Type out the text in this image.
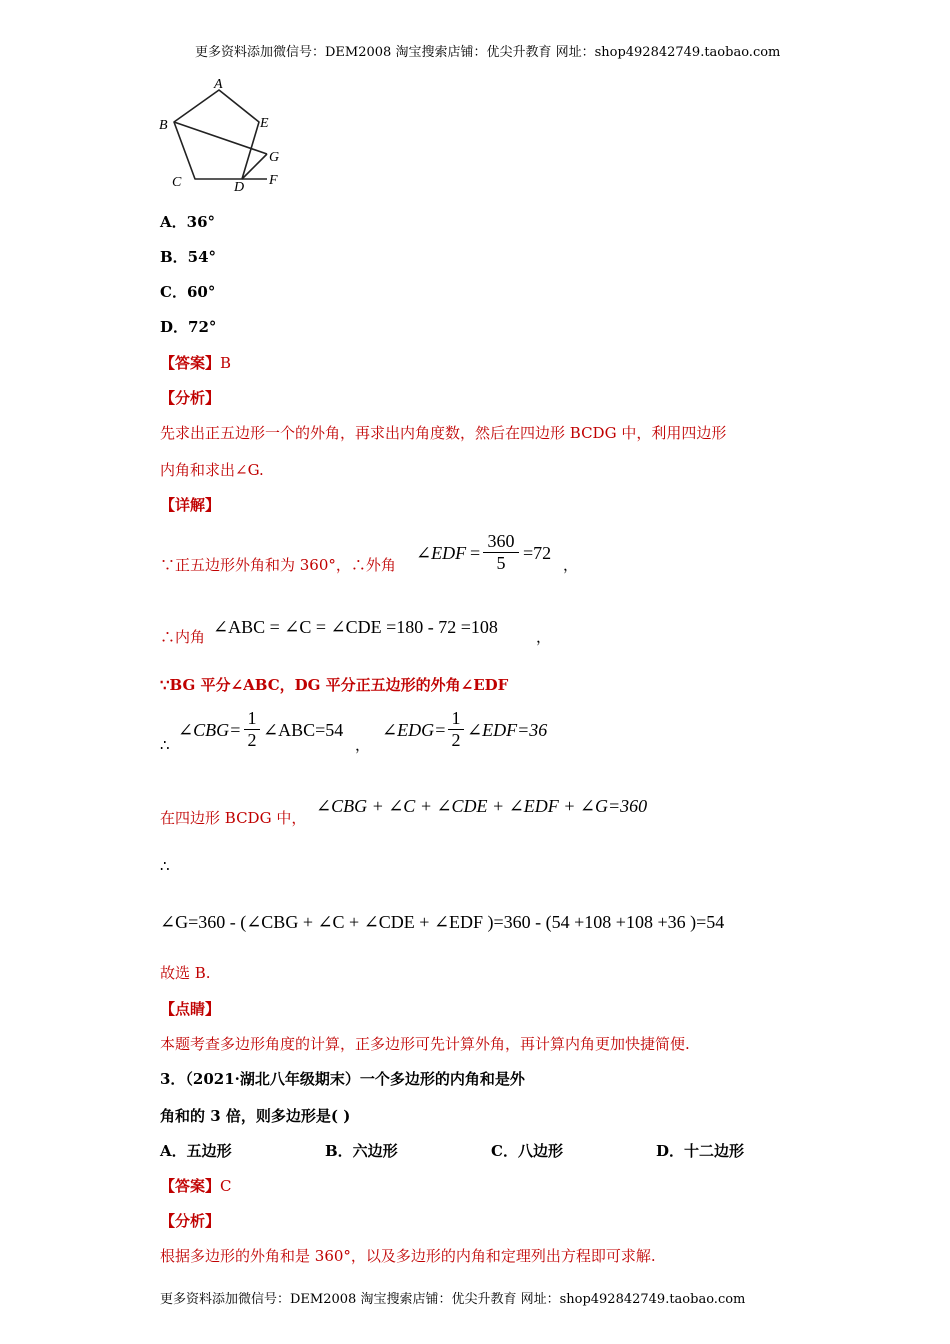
更多资料添加微信号：DEM2008 淘宝搜索店铺：优尖升教育 网址：shop492842749.taobao.com
A
B	E
G
C	D F
A．36°
B．54°
C．60°
D．72°
【答案】B
【分析】
先求出正五边形一个的外角，再求出内角度数，然后在四边形 BCDG 中，利用四边形
内角和求出∠G.
【详解】
∵正五边形外角和为 360°，∴外角
∠EDF =
360
5 =72
，
∴内角 ∠ABC = ∠C = ∠CDE =180 - 72 =108	，
∵BG 平分∠ABC，DG 平分正五边形的外角∠EDF
∴
∠CBG=
1
2 ∠ABC=54
，
∠EDG=
1
2 ∠EDF=36
在四边形 BCDG 中，
∠CBG + ∠C + ∠CDE + ∠EDF + ∠G=360
∴
∠G=360 - (∠CBG + ∠C + ∠CDE + ∠EDF )=360 - (54 +108 +108 +36 )=54
故选 B.
【点睛】
本题考查多边形角度的计算，正多边形可先计算外角，再计算内角更加快捷简便.
3．（2021·湖北八年级期末）一个多边形的内角和是外
角和的 3 倍，则多边形是( )
A．五边形	B．六边形	C．八边形	D．十二边形
【答案】C
【分析】
根据多边形的外角和是 360°，以及多边形的内角和定理列出方程即可求解.
更多资料添加微信号：DEM2008 淘宝搜索店铺：优尖升教育 网址：shop492842749.taobao.com
